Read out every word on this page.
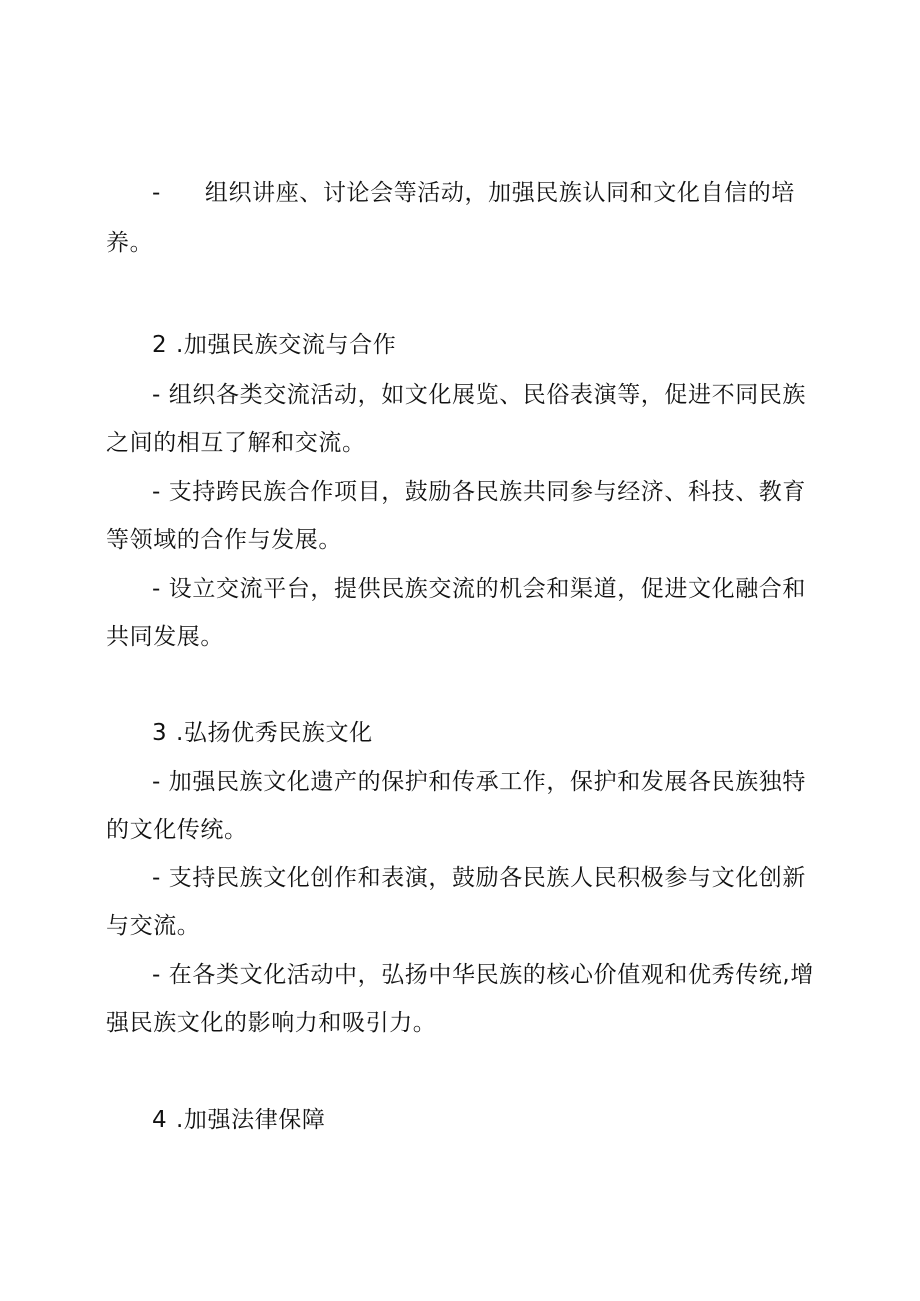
- 组织讲座、讨论会等活动，加强民族认同和文化自信的培
养。
2 .加强民族交流与合作
- 组织各类交流活动，如文化展览、民俗表演等，促进不同民族
之间的相互了解和交流。
- 支持跨民族合作项目，鼓励各民族共同参与经济、科技、教育
等领域的合作与发展。
- 设立交流平台，提供民族交流的机会和渠道，促进文化融合和
共同发展。
3 .弘扬优秀民族文化
- 加强民族文化遗产的保护和传承工作，保护和发展各民族独特
的文化传统。
- 支持民族文化创作和表演，鼓励各民族人民积极参与文化创新
与交流。
- 在各类文化活动中，弘扬中华民族的核心价值观和优秀传统,增
强民族文化的影响力和吸引力。
4 .加强法律保障
